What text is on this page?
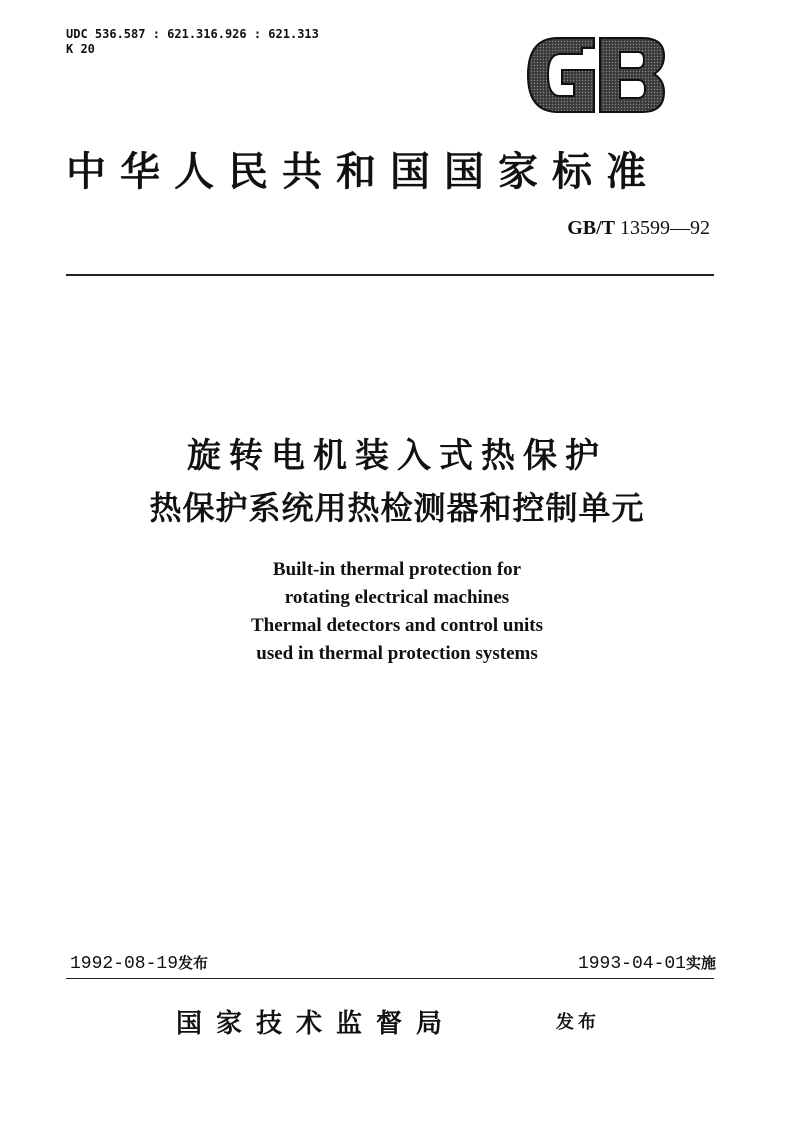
UDC 536.587 : 621.316.926 : 621.313
K 20
中华人民共和国国家标准
GB/T 13599—92
旋转电机装入式热保护
热保护系统用热检测器和控制单元
Built-in thermal protection for
rotating electrical machines
Thermal detectors and control units
used in thermal protection systems
1992-08-19发布	1993-04-01实施
国家技术监督局	发布
